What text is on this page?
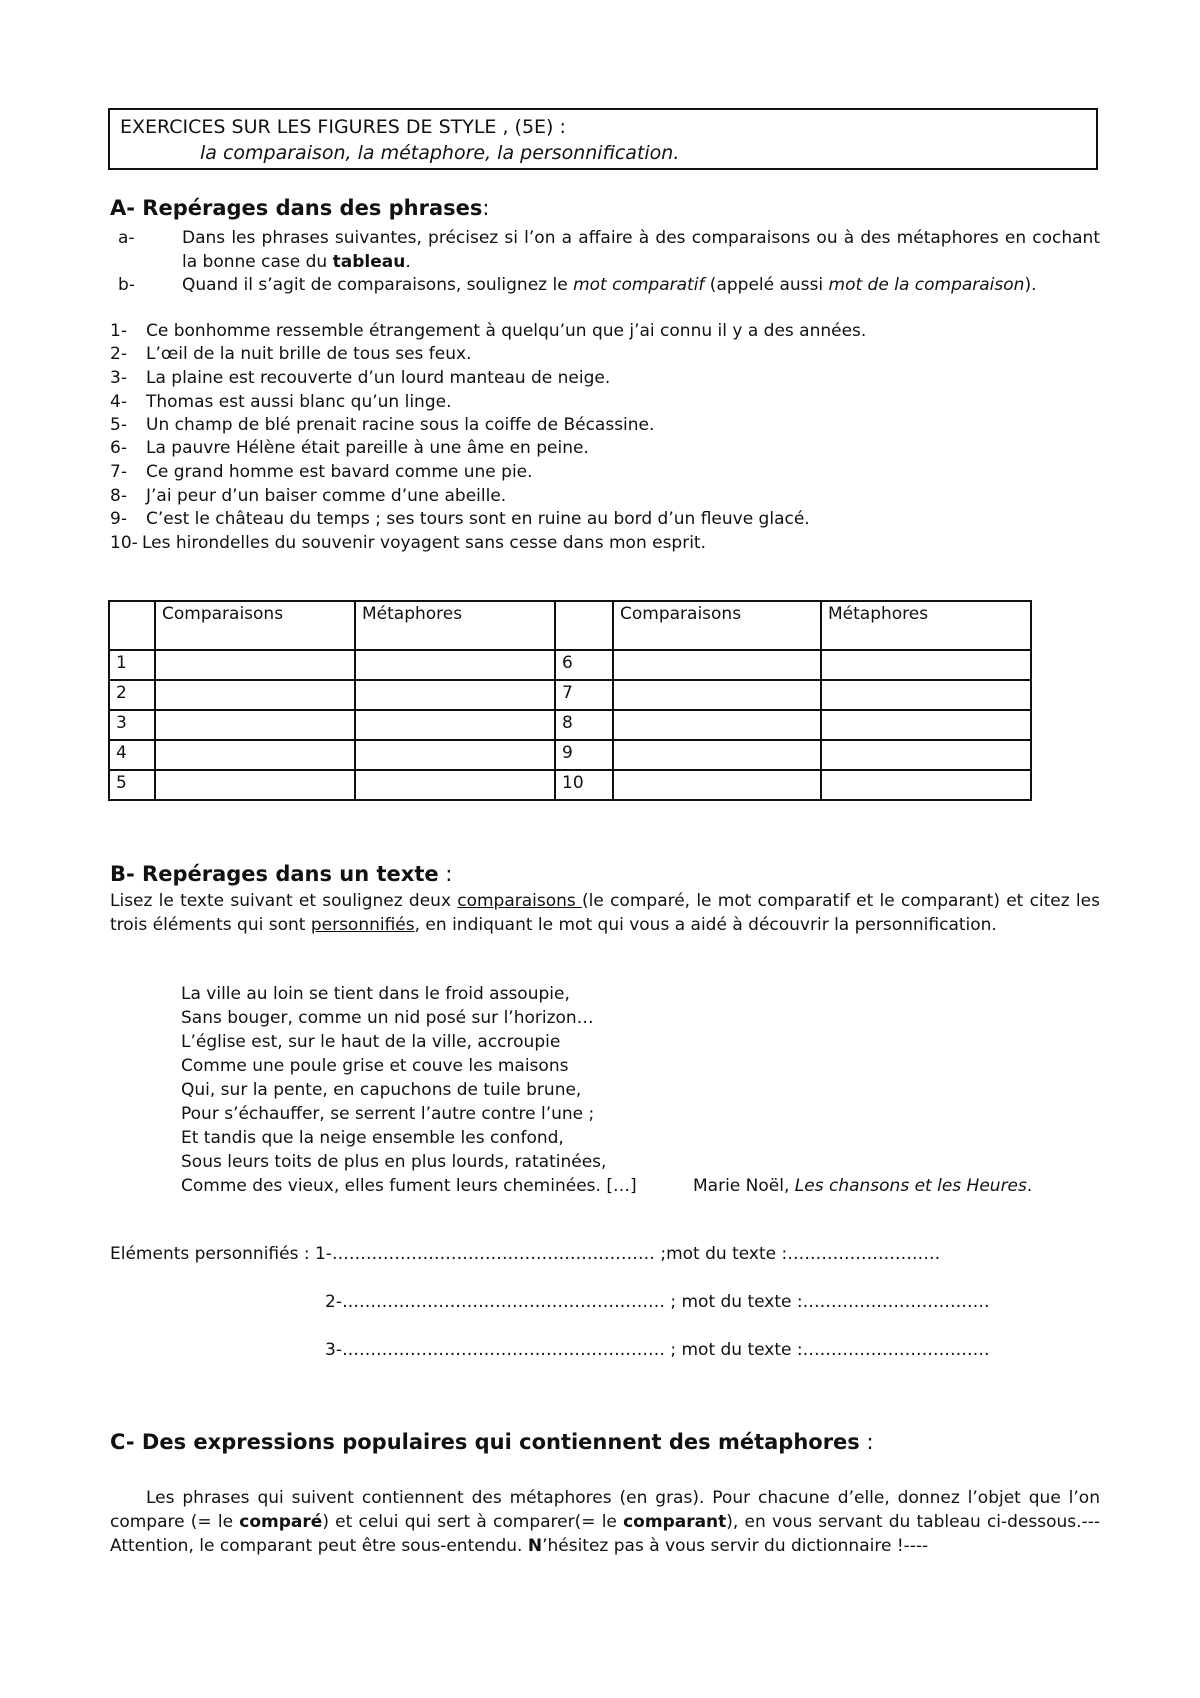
EXERCICES SUR LES FIGURES DE STYLE , (5E) :
la comparaison, la métaphore, la personnification.
A- Repérages dans des phrases:
a-	Dans les phrases suivantes, précisez si l’on a affaire à des comparaisons ou à des métaphores en cochant la bonne case du tableau.
b-	Quand il s’agit de comparaisons, soulignez le mot comparatif (appelé aussi mot de la comparaison).
1- Ce bonhomme ressemble étrangement à quelqu’un que j’ai connu il y a des années.
2- L’œil de la nuit brille de tous ses feux.
3- La plaine est recouverte d’un lourd manteau de neige.
4- Thomas est aussi blanc qu’un linge.
5- Un champ de blé prenait racine sous la coiffe de Bécassine.
6- La pauvre Hélène était pareille à une âme en peine.
7- Ce grand homme est bavard comme une pie.
8- J’ai peur d’un baiser comme d’une abeille.
9- C’est le château du temps ; ses tours sont en ruine au bord d’un fleuve glacé.
10- Les hirondelles du souvenir voyagent sans cesse dans mon esprit.
	Comparaisons	Métaphores		Comparaisons	Métaphores
1			6		
2			7		
3			8		
4			9		
5			10		
B- Repérages dans un texte :
Lisez le texte suivant et soulignez deux comparaisons (le comparé, le mot comparatif et le comparant) et citez les trois éléments qui sont personnifiés, en indiquant le mot qui vous a aidé à découvrir la personnification.
La ville au loin se tient dans le froid assoupie,
Sans bouger, comme un nid posé sur l’horizon…
L’église est, sur le haut de la ville, accroupie
Comme une poule grise et couve les maisons
Qui, sur la pente, en capuchons de tuile brune,
Pour s’échauffer, se serrent l’autre contre l’une ;
Et tandis que la neige ensemble les confond,
Sous leurs toits de plus en plus lourds, ratatinées,
Comme des vieux, elles fument leurs cheminées. […]	Marie Noël, Les chansons et les Heures.
Eléments personnifiés : 1-………………………………………………… ;mot du texte :………………………
2-………………………………………………… ; mot du texte :……………………………
3-………………………………………………… ; mot du texte :……………………………
C- Des expressions populaires qui contiennent des métaphores :
Les phrases qui suivent contiennent des métaphores (en gras). Pour chacune d’elle, donnez l’objet que l’on compare (= le comparé) et celui qui sert à comparer(= le comparant), en vous servant du tableau ci-dessous.---Attention, le comparant peut être sous-entendu. N’hésitez pas à vous servir du dictionnaire !----
